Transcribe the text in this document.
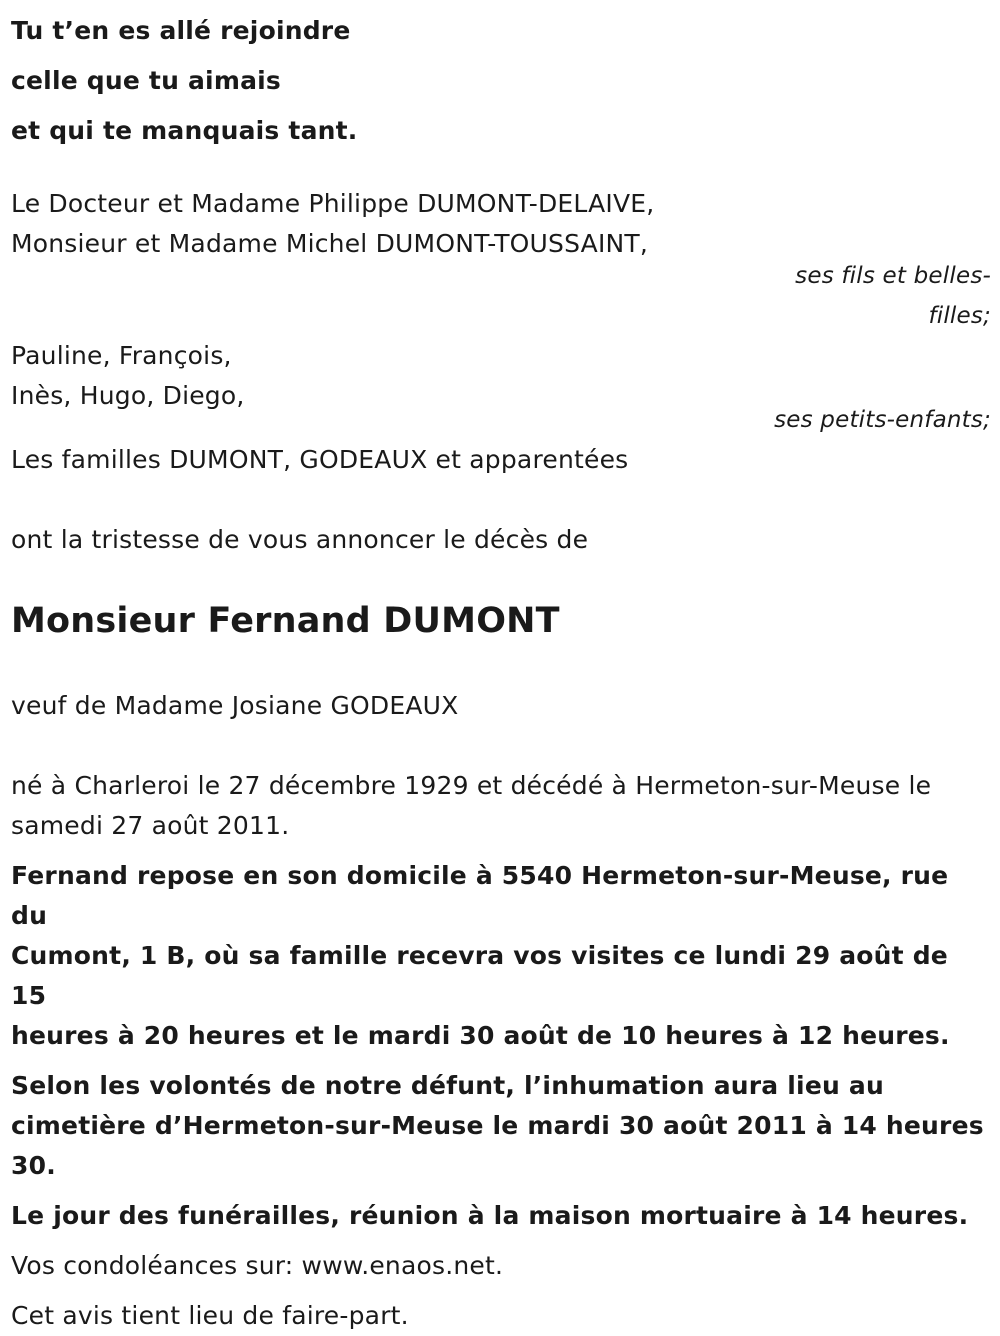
Tu t’en es allé rejoindre
celle que tu aimais
et qui te manquais tant.
Le Docteur et Madame Philippe DUMONT-DELAIVE,
Monsieur et Madame Michel DUMONT-TOUSSAINT,
ses fils et belles-
filles;
Pauline, François,
Inès, Hugo, Diego,
ses petits-enfants;
Les familles DUMONT, GODEAUX et apparentées
ont la tristesse de vous annoncer le décès de
Monsieur Fernand DUMONT
veuf de Madame Josiane GODEAUX
né à Charleroi le 27 décembre 1929 et décédé à Hermeton-sur-Meuse le
samedi 27 août 2011.
Fernand repose en son domicile à 5540 Hermeton-sur-Meuse, rue du
Cumont, 1 B, où sa famille recevra vos visites ce lundi 29 août de 15
heures à 20 heures et le mardi 30 août de 10 heures à 12 heures.
Selon les volontés de notre défunt, l’inhumation aura lieu au
cimetière d’Hermeton-sur-Meuse le mardi 30 août 2011 à 14 heures
30.
Le jour des funérailles, réunion à la maison mortuaire à 14 heures.
Vos condoléances sur: www.enaos.net.
Cet avis tient lieu de faire-part.
